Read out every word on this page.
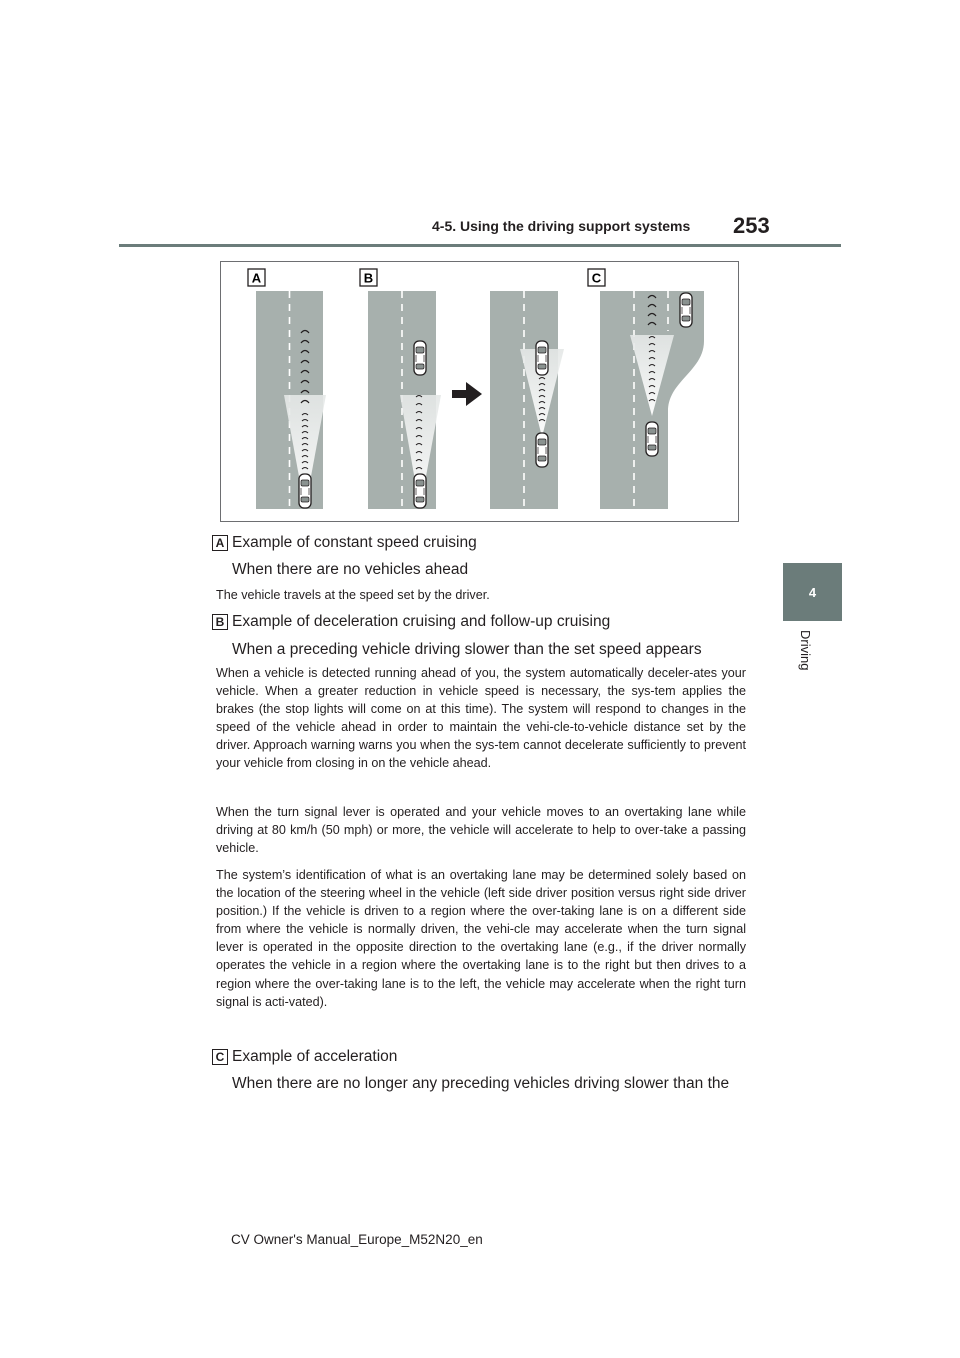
4-5. Using the driving support systems 253
4
Driving
A	B	C
A Example of constant speed cruising
When there are no vehicles ahead

The vehicle travels at the speed set by the driver.

B Example of deceleration cruising and follow-up cruising
When a preceding vehicle driving slower than the set speed appears

When a vehicle is detected running ahead of you, the system automatically deceler-ates your vehicle. When a greater reduction in vehicle speed is necessary, the sys-tem applies the brakes (the stop lights will come on at this time). The system will respond to changes in the speed of the vehicle ahead in order to maintain the vehi-cle-to-vehicle distance set by the driver. Approach warning warns you when the sys-tem cannot decelerate sufficiently to prevent your vehicle from closing in on the vehicle ahead.

When the turn signal lever is operated and your vehicle moves to an overtaking lane while driving at 80 km/h (50 mph) or more, the vehicle will accelerate to help to over-take a passing vehicle.

The system’s identification of what is an overtaking lane may be determined solely based on the location of the steering wheel in the vehicle (left side driver position versus right side driver position.) If the vehicle is driven to a region where the over-taking lane is on a different side from where the vehicle is normally driven, the vehi-cle may accelerate when the turn signal lever is operated in the opposite direction to the overtaking lane (e.g., if the driver normally operates the vehicle in a region where the overtaking lane is to the right but then drives to a region where the over-taking lane is to the left, the vehicle may accelerate when the right turn signal is acti-vated).

C Example of acceleration
When there are no longer any preceding vehicles driving slower than the
CV Owner's Manual_Europe_M52N20_en
